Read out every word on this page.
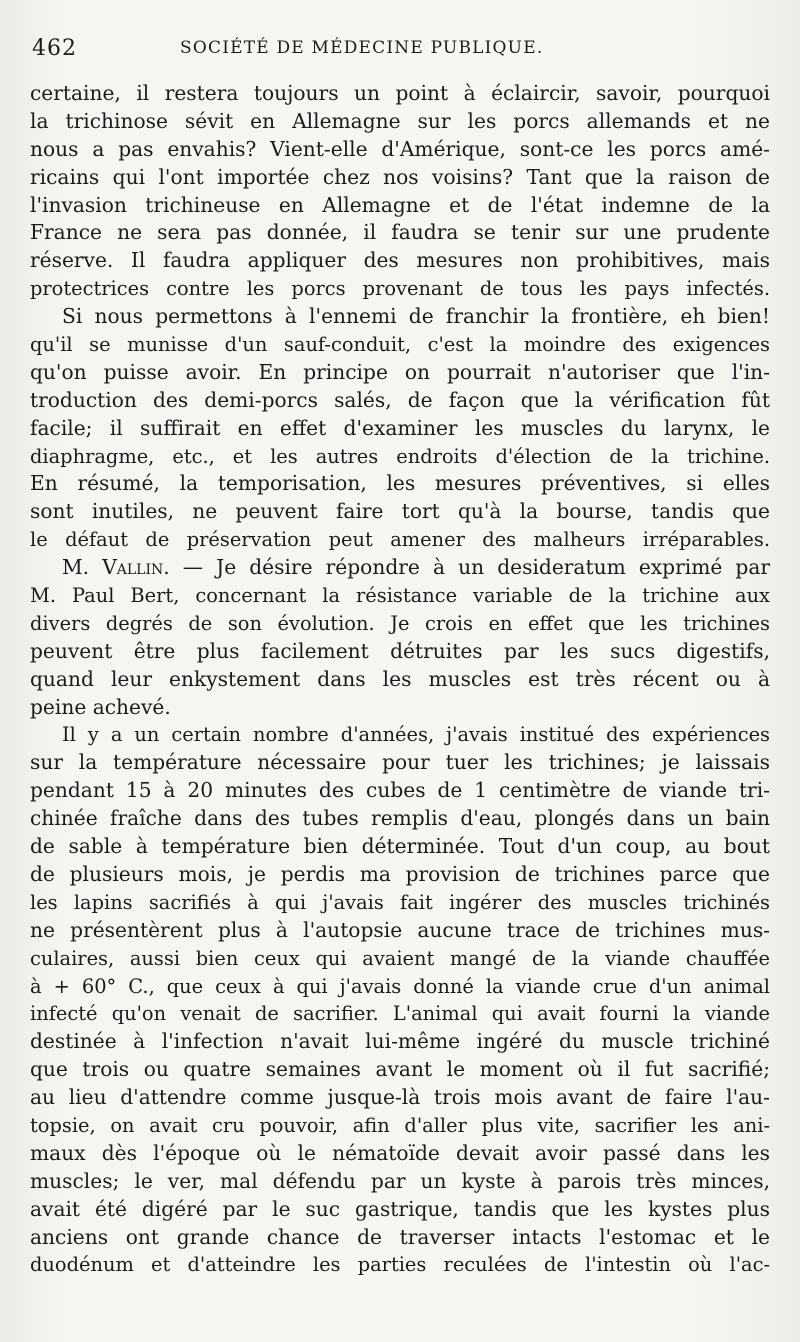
462	SOCIÉTÉ DE MÉDECINE PUBLIQUE.
certaine, il restera toujours un point à éclaircir, savoir, pourquoi
la trichinose sévit en Allemagne sur les porcs allemands et ne
nous a pas envahis? Vient-elle d'Amérique, sont-ce les porcs amé-
ricains qui l'ont importée chez nos voisins? Tant que la raison de
l'invasion trichineuse en Allemagne et de l'état indemne de la
France ne sera pas donnée, il faudra se tenir sur une prudente
réserve. Il faudra appliquer des mesures non prohibitives, mais
protectrices contre les porcs provenant de tous les pays infectés.
Si nous permettons à l'ennemi de franchir la frontière, eh bien!
qu'il se munisse d'un sauf-conduit, c'est la moindre des exigences
qu'on puisse avoir. En principe on pourrait n'autoriser que l'in-
troduction des demi-porcs salés, de façon que la vérification fût
facile; il suffirait en effet d'examiner les muscles du larynx, le
diaphragme, etc., et les autres endroits d'élection de la trichine.
En résumé, la temporisation, les mesures préventives, si elles
sont inutiles, ne peuvent faire tort qu'à la bourse, tandis que
le défaut de préservation peut amener des malheurs irréparables.
M. Vallin. — Je désire répondre à un desideratum exprimé par
M. Paul Bert, concernant la résistance variable de la trichine aux
divers degrés de son évolution. Je crois en effet que les trichines
peuvent être plus facilement détruites par les sucs digestifs,
quand leur enkystement dans les muscles est très récent ou à
peine achevé.
Il y a un certain nombre d'années, j'avais institué des expériences
sur la température nécessaire pour tuer les trichines; je laissais
pendant 15 à 20 minutes des cubes de 1 centimètre de viande tri-
chinée fraîche dans des tubes remplis d'eau, plongés dans un bain
de sable à température bien déterminée. Tout d'un coup, au bout
de plusieurs mois, je perdis ma provision de trichines parce que
les lapins sacrifiés à qui j'avais fait ingérer des muscles trichinés
ne présentèrent plus à l'autopsie aucune trace de trichines mus-
culaires, aussi bien ceux qui avaient mangé de la viande chauffée
à + 60° C., que ceux à qui j'avais donné la viande crue d'un animal
infecté qu'on venait de sacrifier. L'animal qui avait fourni la viande
destinée à l'infection n'avait lui-même ingéré du muscle trichiné
que trois ou quatre semaines avant le moment où il fut sacrifié;
au lieu d'attendre comme jusque-là trois mois avant de faire l'au-
topsie, on avait cru pouvoir, afin d'aller plus vite, sacrifier les ani-
maux dès l'époque où le nématoïde devait avoir passé dans les
muscles; le ver, mal défendu par un kyste à parois très minces,
avait été digéré par le suc gastrique, tandis que les kystes plus
anciens ont grande chance de traverser intacts l'estomac et le
duodénum et d'atteindre les parties reculées de l'intestin où l'ac-
